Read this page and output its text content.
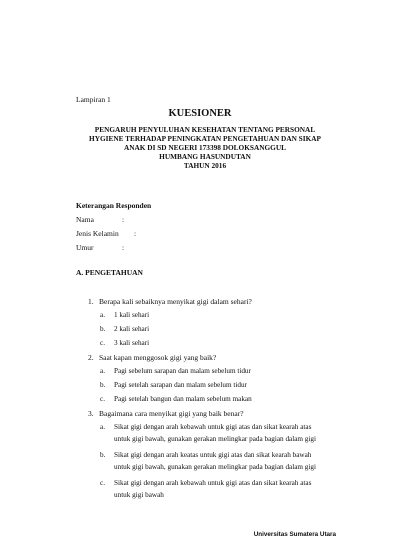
Lampiran 1
KUESIONER
PENGARUH PENYULUHAN KESEHATAN TENTANG PERSONAL
HYGIENE TERHADAP PENINGKATAN PENGETAHUAN DAN SIKAP
ANAK DI SD NEGERI 173398 DOLOKSANGGUL
HUMBANG HASUNDUTAN
TAHUN 2016
Keterangan Responden
Nama	:
Jenis Kelamin :
Umur	:
A. PENGETAHUAN
1. Berapa kali sebaiknya menyikat gigi dalam sehari?
a. 1 kali sehari
b. 2 kali sehari
c. 3 kali sehari
2. Saat kapan menggosok gigi yang baik?
a. Pagi sebelum sarapan dan malam sebelum tidur
b. Pagi setelah sarapan dan malam sebelum tidur
c. Pagi setelah bangun dan malam sebelum makan
3. Bagaimana cara menyikat gigi yang baik benar?
a. Sikat gigi dengan arah kebawah untuk gigi atas dan sikat kearah atas
untuk gigi bawah, gunakan gerakan melingkar pada bagian dalam gigi
b. Sikat gigi dengan arah keatas untuk gigi atas dan sikat kearah bawah
untuk gigi bawah, gunakan gerakan melingkar pada bagian dalam gigi
c. Sikat gigi dengan arah kebawah untuk gigi atas dan sikat kearah atas
untuk gigi bawah
Universitas Sumatera Utara
